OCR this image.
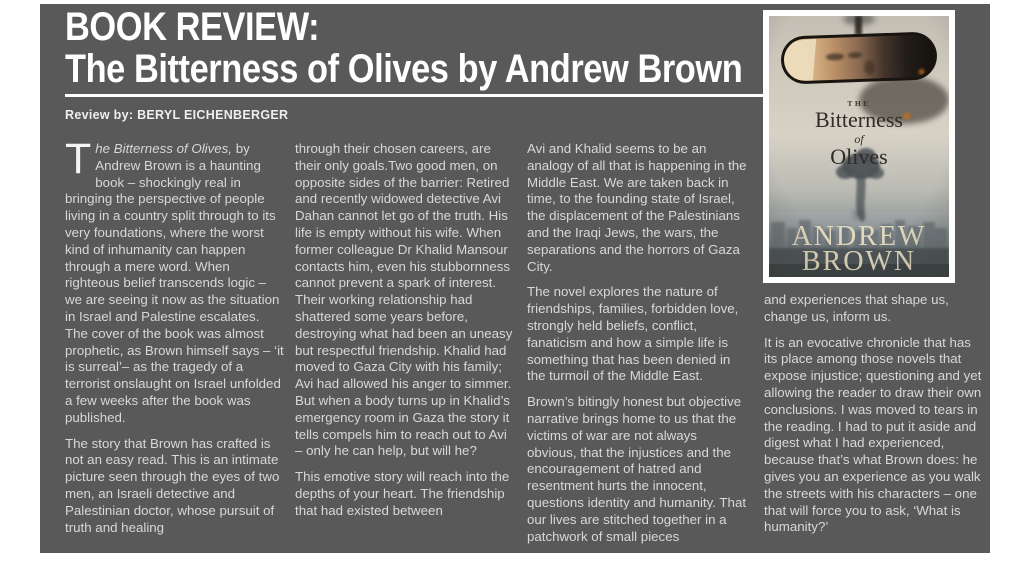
BOOK REVIEW:
The Bitterness of Olives by Andrew Brown
Review by: BERYL EICHENBERGER

The Bitterness of Olives, by Andrew Brown is a haunting book – shockingly real in bringing the perspective of people living in a country split through to its very foundations, where the worst kind of inhumanity can happen through a mere word. When righteous belief transcends logic – we are seeing it now as the situation in Israel and Palestine escalates. The cover of the book was almost prophetic, as Brown himself says – ‘it is surreal’– as the tragedy of a terrorist onslaught on Israel unfolded a few weeks after the book was published.

The story that Brown has crafted is not an easy read. This is an intimate picture seen through the eyes of two men, an Israeli detective and Palestinian doctor, whose pursuit of truth and healing

through their chosen careers, are their only goals.Two good men, on opposite sides of the barrier: Retired and recently widowed detective Avi Dahan cannot let go of the truth. His life is empty without his wife. When former colleague Dr Khalid Mansour contacts him, even his stubbornness cannot prevent a spark of interest. Their working relationship had shattered some years before, destroying what had been an uneasy but respectful friendship. Khalid had moved to Gaza City with his family; Avi had allowed his anger to simmer. But when a body turns up in Khalid’s emergency room in Gaza the story it tells compels him to reach out to Avi – only he can help, but will he?

This emotive story will reach into the depths of your heart. The friendship that had existed between

Avi and Khalid seems to be an analogy of all that is happening in the Middle East. We are taken back in time, to the founding state of Israel, the displacement of the Palestinians and the Iraqi Jews, the wars, the separations and the horrors of Gaza City.

The novel explores the nature of friendships, families, forbidden love, strongly held beliefs, conflict, fanaticism and how a simple life is something that has been denied in the turmoil of the Middle East.

Brown’s bitingly honest but objective narrative brings home to us that the victims of war are not always obvious, that the injustices and the encouragement of hatred and resentment hurts the innocent, questions identity and humanity. That our lives are stitched together in a patchwork of small pieces

and experiences that shape us, change us, inform us.

It is an evocative chronicle that has its place among those novels that expose injustice; questioning and yet allowing the reader to draw their own conclusions. I was moved to tears in the reading. I had to put it aside and digest what I had experienced, because that’s what Brown does: he gives you an experience as you walk the streets with his characters – one that will force you to ask, ‘What is humanity?’
